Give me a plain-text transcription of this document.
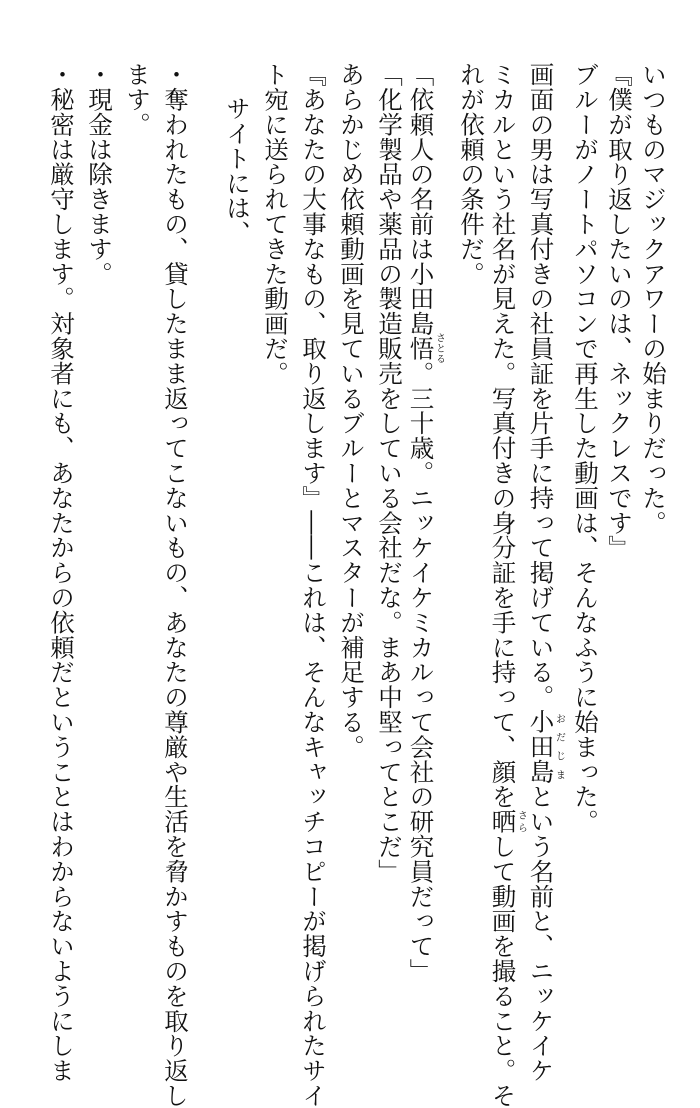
いつものマジックアワーの始まりだった。

『僕が取り返したいのは、ネックレスです』

ブルーがノートパソコンで再生した動画は、そんなふうに始まった。

画面の男は写真付きの社員証を片手に持って掲げている。小田島おだじまという名前と、ニッケイケ

ミカルという社名が見えた。写真付きの身分証を手に持って、顔を晒さらして動画を撮ること。そ

れが依頼の条件だ。

「依頼人の名前は小田島悟さとる。三十歳。ニッケイケミカルって会社の研究員だって」

「化学製品や薬品の製造販売をしている会社だな。まあ中堅ってとこだ」

あらかじめ依頼動画を見ているブルーとマスターが補足する。

『あなたの大事なもの、取り返します』――これは、そんなキャッチコピーが掲げられたサイ

ト宛に送られてきた動画だ。

サイトには、

・奪われたもの、貸したまま返ってこないもの、あなたの尊厳や生活を脅かすものを取り返し

ます。

・現金は除きます。

・秘密は厳守します。対象者にも、あなたからの依頼だということはわからないようにしま
